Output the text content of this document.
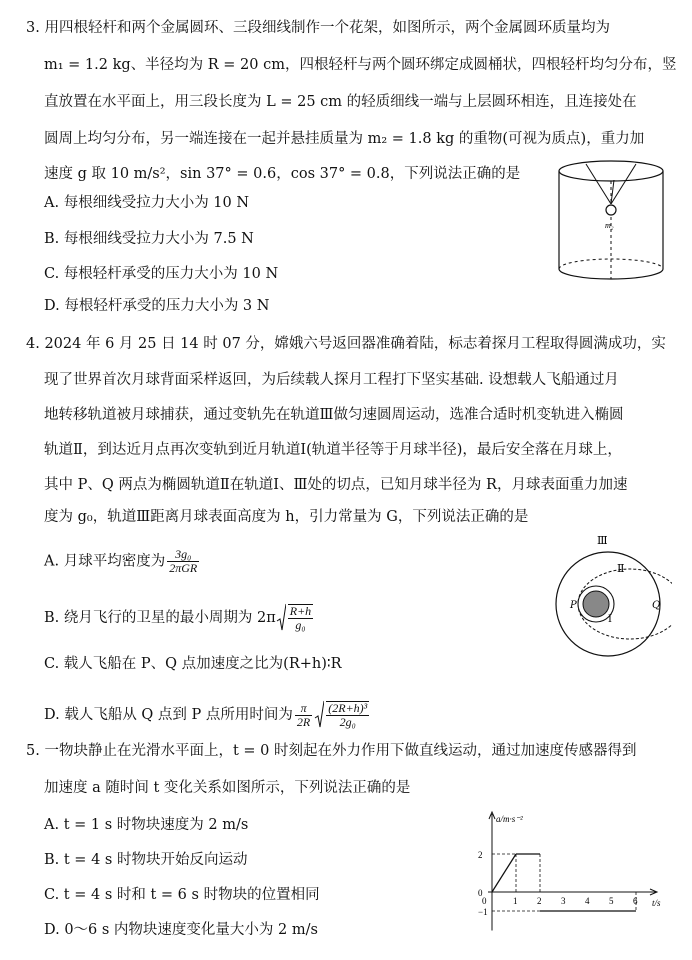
3. 用四根轻杆和两个金属圆环、三段细线制作一个花架，如图所示，两个金属圆环质量均为
m₁ = 1.2 kg、半径均为 R = 20 cm，四根轻杆与两个圆环绑定成圆桶状，四根轻杆均匀分布，竖
直放置在水平面上，用三段长度为 L = 25 cm 的轻质细线一端与上层圆环相连，且连接处在
圆周上均匀分布，另一端连接在一起并悬挂质量为 m₂ = 1.8 kg 的重物(可视为质点)，重力加
速度 g 取 10 m/s²，sin 37° = 0.6，cos 37° = 0.8，下列说法正确的是
A. 每根细线受拉力大小为 10 N
B. 每根细线受拉力大小为 7.5 N
C. 每根轻杆承受的压力大小为 10 N
D. 每根轻杆承受的压力大小为 3 N
m₂
4. 2024 年 6 月 25 日 14 时 07 分，嫦娥六号返回器准确着陆，标志着探月工程取得圆满成功，实
现了世界首次月球背面采样返回，为后续载人探月工程打下坚实基础. 设想载人飞船通过月
地转移轨道被月球捕获，通过变轨先在轨道Ⅲ做匀速圆周运动，选准合适时机变轨进入椭圆
轨道Ⅱ，到达近月点再次变轨到近月轨道Ⅰ(轨道半径等于月球半径)，最后安全落在月球上，
其中 P、Q 两点为椭圆轨道Ⅱ在轨道Ⅰ、Ⅲ处的切点，已知月球半径为 R，月球表面重力加速
度为 g₀，轨道Ⅲ距离月球表面高度为 h，引力常量为 G，下列说法正确的是
A. 月球平均密度为 $\frac{\text{3g₀}}{\text{2πGR}}$
B. 绕月飞行的卫星的最小周期为 $2\pi \frac{R+h}{\text{g₀}}$
C. 载人飞船在 P、Q 点加速度之比为(R+h)∶R
D. 载人飞船从 Q 点到 P 点所用时间为 $\frac{\pi}{2R} \frac{\text{(2R+h)³}}{\text{2g₀}}$
Ⅲ
Ⅱ
Ⅰ
P	Q
5. 一物块静止在光滑水平面上，t = 0 时刻起在外力作用下做直线运动，通过加速度传感器得到
加速度 a 随时间 t 变化关系如图所示，下列说法正确的是
A. t = 1 s 时物块速度为 2 m/s
B. t = 4 s 时物块开始反向运动
C. t = 4 s 时和 t = 6 s 时物块的位置相同
D. 0～6 s 内物块速度变化量大小为 2 m/s
a/m·s⁻²
t/s
1 2 3 4 5 6
2
0
−1
0
